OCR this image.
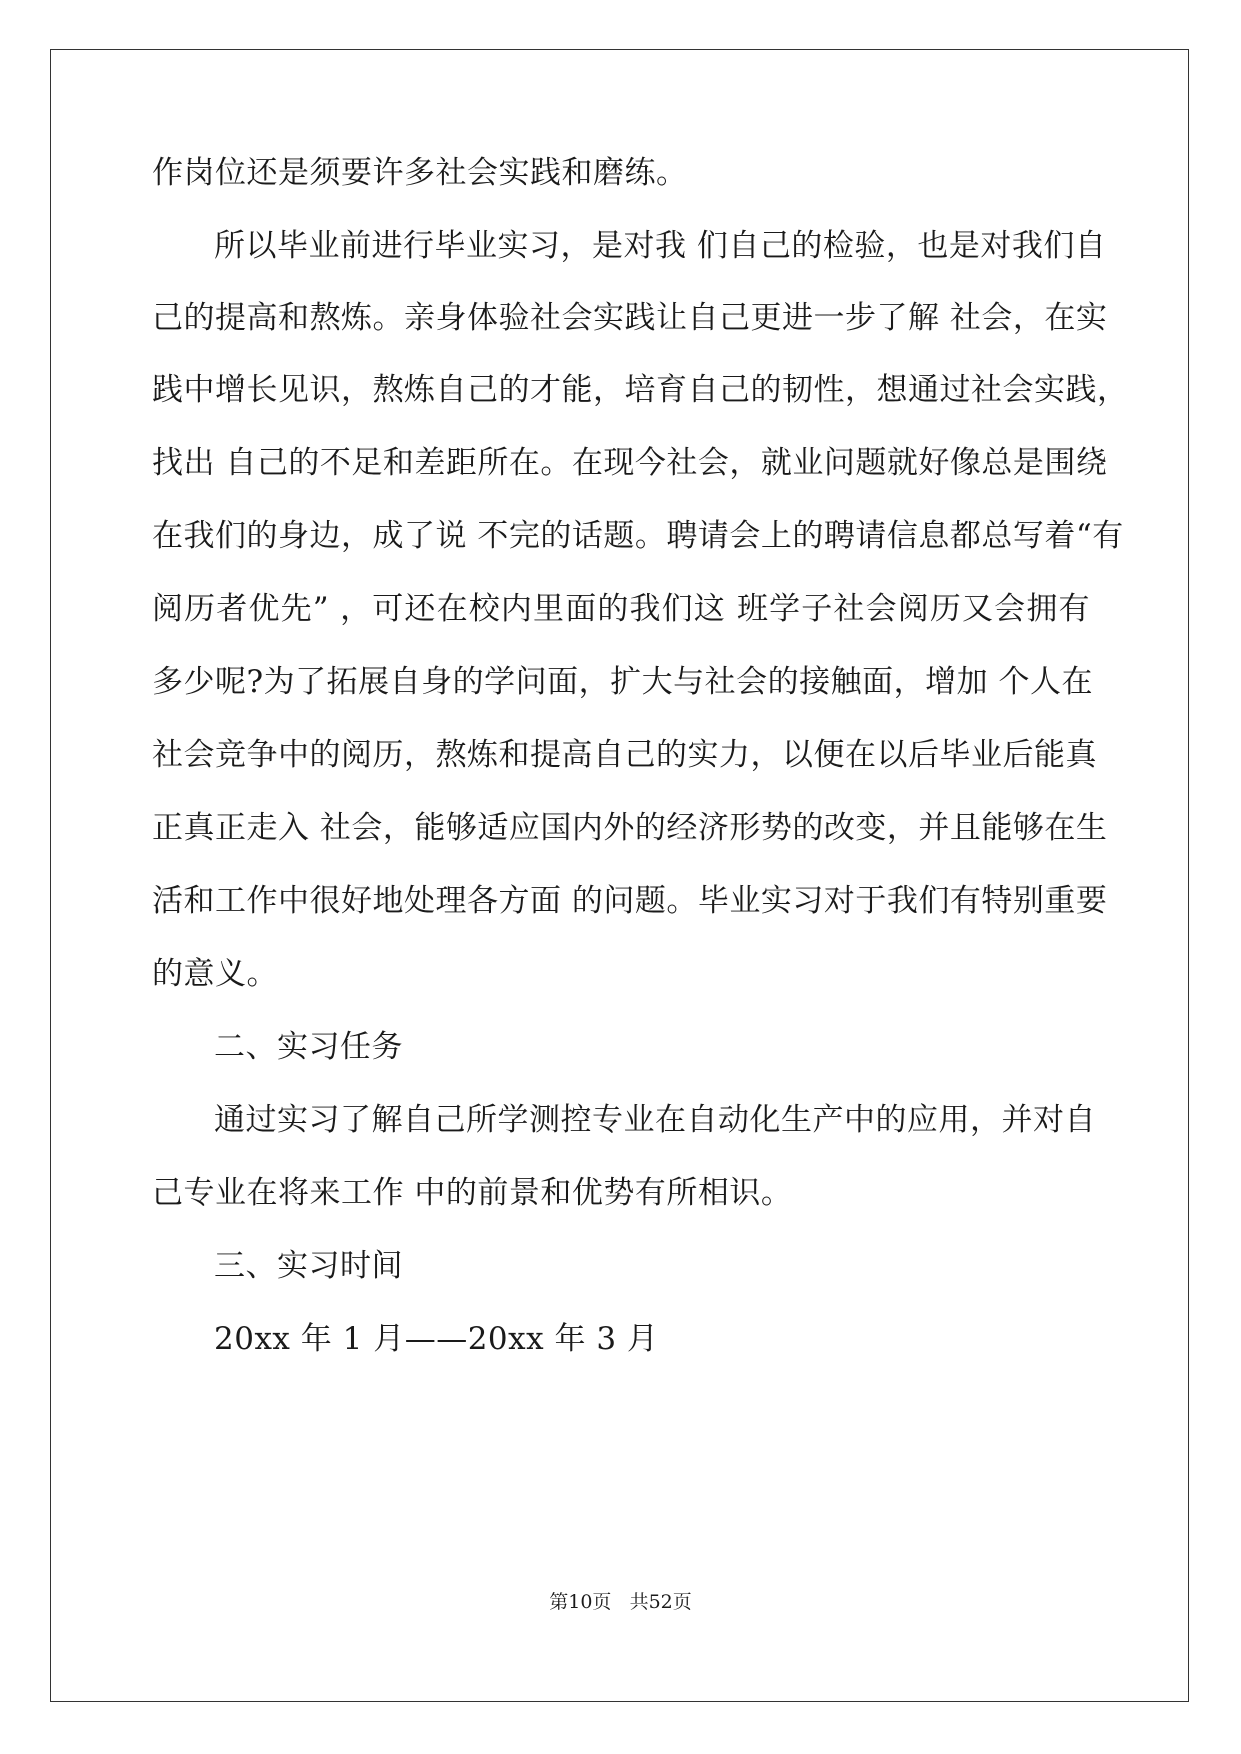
作岗位还是须要许多社会实践和磨练。
所以毕业前进行毕业实习，是对我 们自己的检验，也是对我们自
己的提高和熬炼。亲身体验社会实践让自己更进一步了解 社会，在实
践中增长见识，熬炼自己的才能，培育自己的韧性，想通过社会实践，
找出 自己的不足和差距所在。在现今社会，就业问题就好像总是围绕
在我们的身边，成了说 不完的话题。聘请会上的聘请信息都总写着“有
阅历者优先” ，可还在校内里面的我们这 班学子社会阅历又会拥有
多少呢?为了拓展自身的学问面，扩大与社会的接触面，增加 个人在
社会竞争中的阅历，熬炼和提高自己的实力，以便在以后毕业后能真
正真正走入 社会，能够适应国内外的经济形势的改变，并且能够在生
活和工作中很好地处理各方面 的问题。毕业实习对于我们有特别重要
的意义。
二、实习任务
通过实习了解自己所学测控专业在自动化生产中的应用，并对自
己专业在将来工作 中的前景和优势有所相识。
三、实习时间
20xx 年 1 月——20xx 年 3 月
第10页 共52页
